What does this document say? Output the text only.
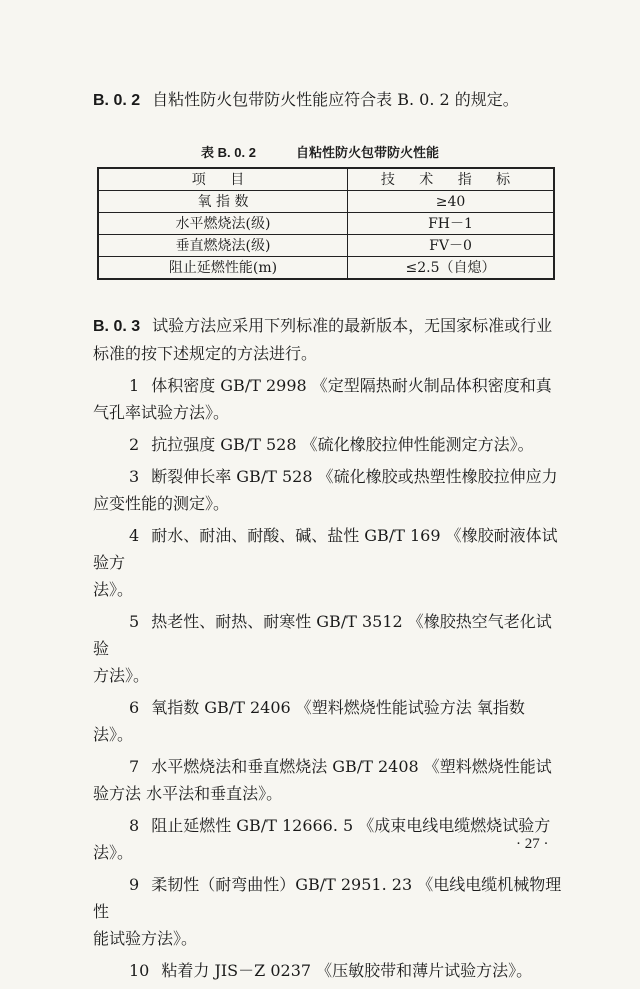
B. 0. 2 自粘性防火包带防火性能应符合表 B. 0. 2 的规定。
表 B. 0. 2	自粘性防火包带防火性能
项 目	技 术 指 标
氧 指 数	≥40
水平燃烧法(级)	FH－1
垂直燃烧法(级)	FV－0
阻止延燃性能(m)	≤2.5（自熄）

B. 0. 3 试验方法应采用下列标准的最新版本，无国家标准或行业
标准的按下述规定的方法进行。

1 体积密度 GB/T 2998 《定型隔热耐火制品体积密度和真
气孔率试验方法》。

2 抗拉强度 GB/T 528 《硫化橡胶拉伸性能测定方法》。

3 断裂伸长率 GB/T 528 《硫化橡胶或热塑性橡胶拉伸应力
应变性能的测定》。

4 耐水、耐油、耐酸、碱、盐性 GB/T 169 《橡胶耐液体试验方
法》。

5 热老性、耐热、耐寒性 GB/T 3512 《橡胶热空气老化试验
方法》。

6 氧指数 GB/T 2406 《塑料燃烧性能试验方法 氧指数法》。

7 水平燃烧法和垂直燃烧法 GB/T 2408 《塑料燃烧性能试
验方法 水平法和垂直法》。

8 阻止延燃性 GB/T 12666. 5 《成束电线电缆燃烧试验方
法》。

9 柔韧性（耐弯曲性）GB/T 2951. 23 《电线电缆机械物理性
能试验方法》。

10 粘着力 JIS－Z 0237 《压敏胶带和薄片试验方法》。

· 27 ·
